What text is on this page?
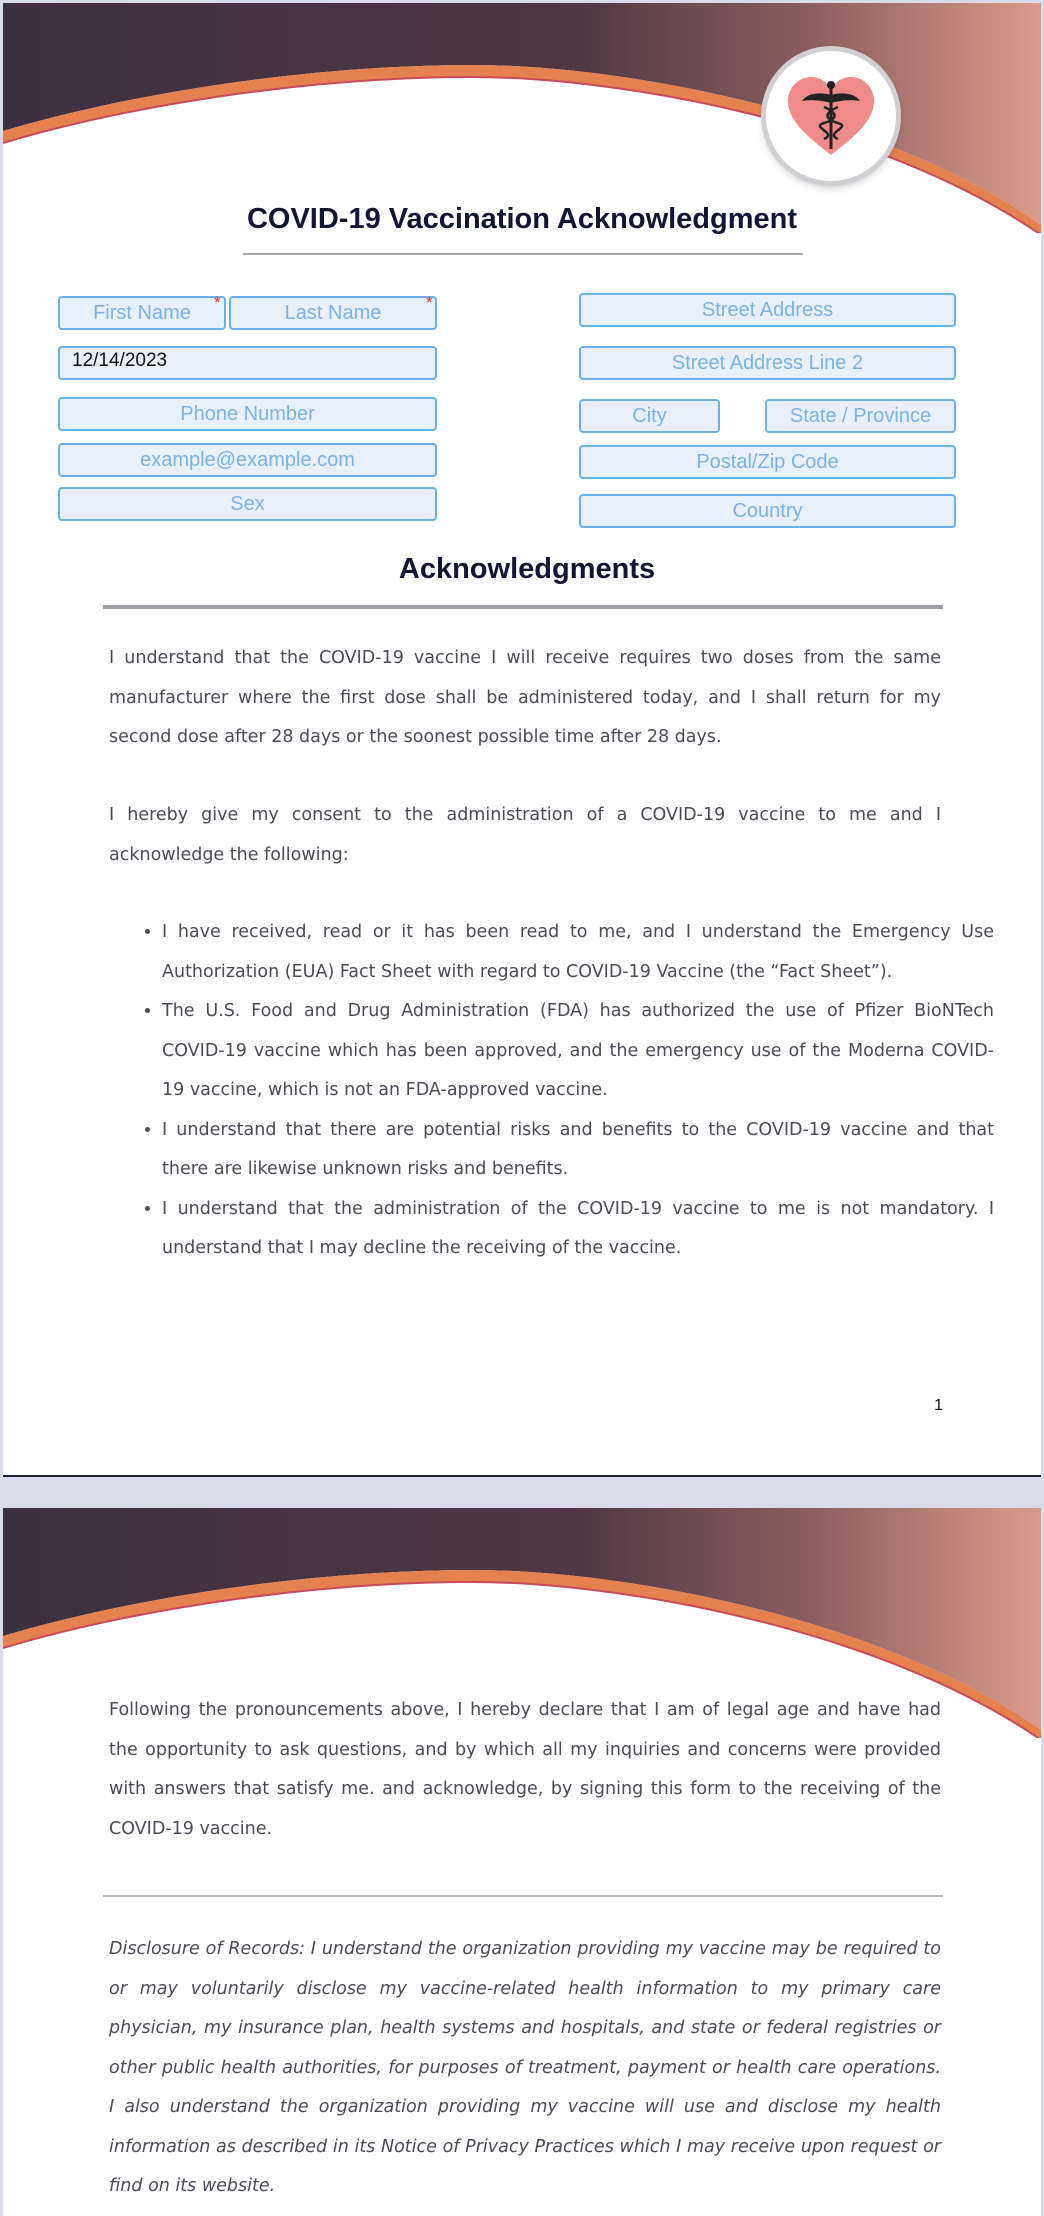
COVID-19 Vaccination Acknowledgment
First Name	*	Last Name	*
12/14/2023
Phone Number
example@example.com
Sex
Street Address
Street Address Line 2
City	State / Province
Postal/Zip Code
Country
Acknowledgments

I understand that the COVID-19 vaccine I will receive requires two doses from the same manufacturer where the first dose shall be administered today, and I shall return for my second dose after 28 days or the soonest possible time after 28 days.

I hereby give my consent to the administration of a COVID-19 vaccine to me and I acknowledge the following:

• I have received, read or it has been read to me, and I understand the Emergency Use Authorization (EUA) Fact Sheet with regard to COVID-19 Vaccine (the “Fact Sheet”).
• The U.S. Food and Drug Administration (FDA) has authorized the use of Pfizer BioNTech COVID-19 vaccine which has been approved, and the emergency use of the Moderna COVID-19 vaccine, which is not an FDA-approved vaccine.
• I understand that there are potential risks and benefits to the COVID-19 vaccine and that there are likewise unknown risks and benefits.
• I understand that the administration of the COVID-19 vaccine to me is not mandatory. I understand that I may decline the receiving of the vaccine.
1

Following the pronouncements above, I hereby declare that I am of legal age and have had the opportunity to ask questions, and by which all my inquiries and concerns were provided with answers that satisfy me. and acknowledge, by signing this form to the receiving of the COVID-19 vaccine.

Disclosure of Records: I understand the organization providing my vaccine may be required to or may voluntarily disclose my vaccine-related health information to my primary care physician, my insurance plan, health systems and hospitals, and state or federal registries or other public health authorities, for purposes of treatment, payment or health care operations. I also understand the organization providing my vaccine will use and disclose my health information as described in its Notice of Privacy Practices which I may receive upon request or find on its website.
